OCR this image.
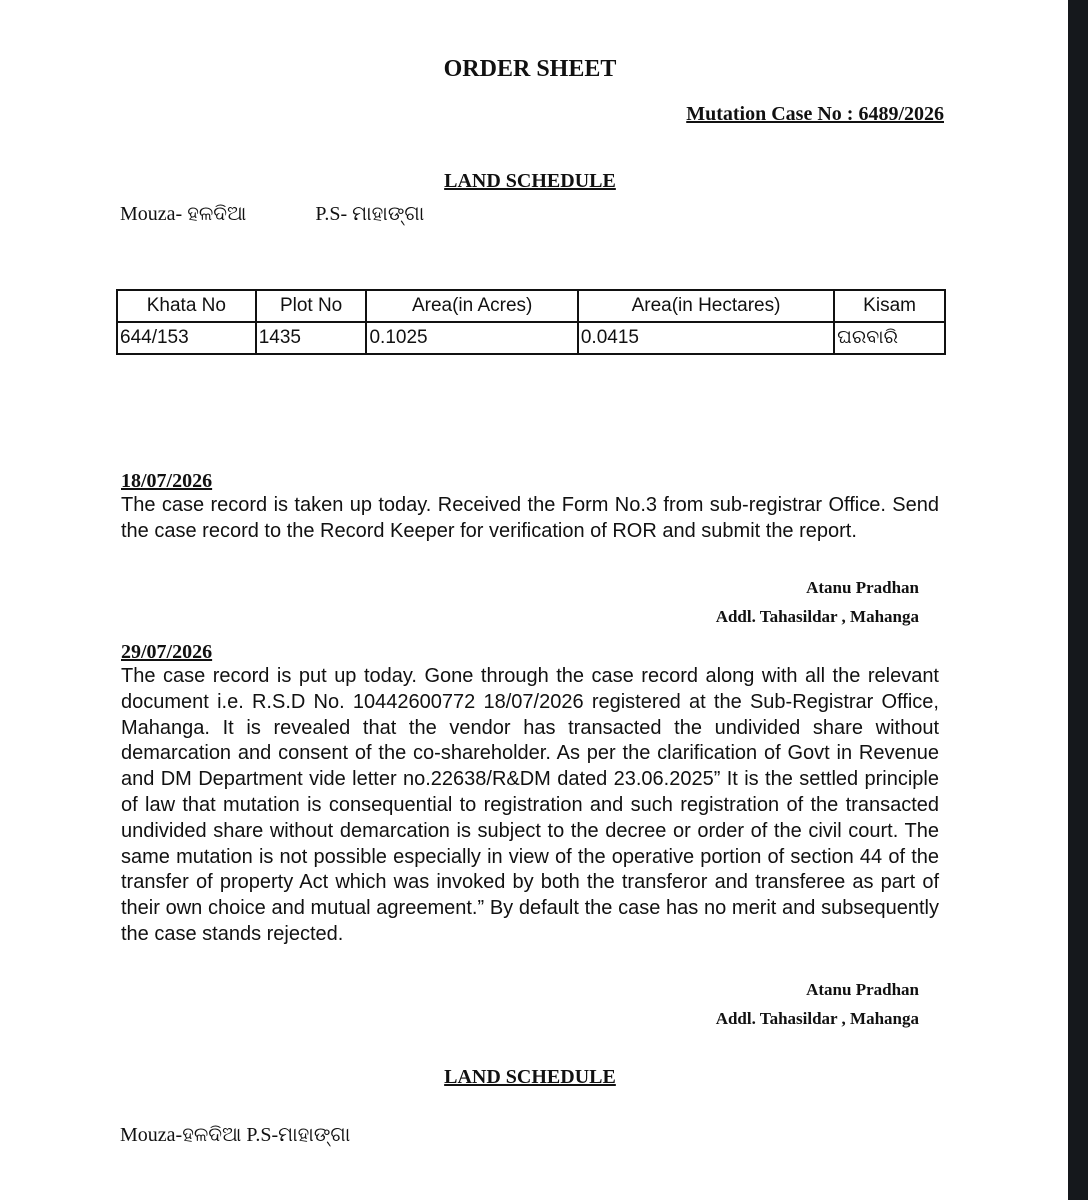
ORDER SHEET
Mutation Case No : 6489/2026
LAND SCHEDULE
Mouza- ହଳଦିଆ	P.S- ମାହାଙ୍ଗା
Khata No	Plot No	Area(in Acres)	Area(in Hectares)	Kisam
644/153	1435	0.1025	0.0415	ଘରବାରି
18/07/2026

The case record is taken up today. Received the Form No.3 from sub-registrar Office. Send the case record to the Record Keeper for verification of ROR and submit the report.

Atanu Pradhan
Addl. Tahasildar , Mahanga
29/07/2026

The case record is put up today. Gone through the case record along with all the relevant document i.e. R.S.D No. 10442600772 18/07/2026 registered at the Sub-Registrar Office, Mahanga. It is revealed that the vendor has transacted the undivided share without demarcation and consent of the co-shareholder. As per the clarification of Govt in Revenue and DM Department vide letter no.22638/R&DM dated 23.06.2025” It is the settled principle of law that mutation is consequential to registration and such registration of the transacted undivided share without demarcation is subject to the decree or order of the civil court. The same mutation is not possible especially in view of the operative portion of section 44 of the transfer of property Act which was invoked by both the transferor and transferee as part of their own choice and mutual agreement.” By default the case has no merit and subsequently the case stands rejected.

Atanu Pradhan
Addl. Tahasildar , Mahanga
LAND SCHEDULE
Mouza-ହଳଦିଆ P.S-ମାହାଙ୍ଗା
